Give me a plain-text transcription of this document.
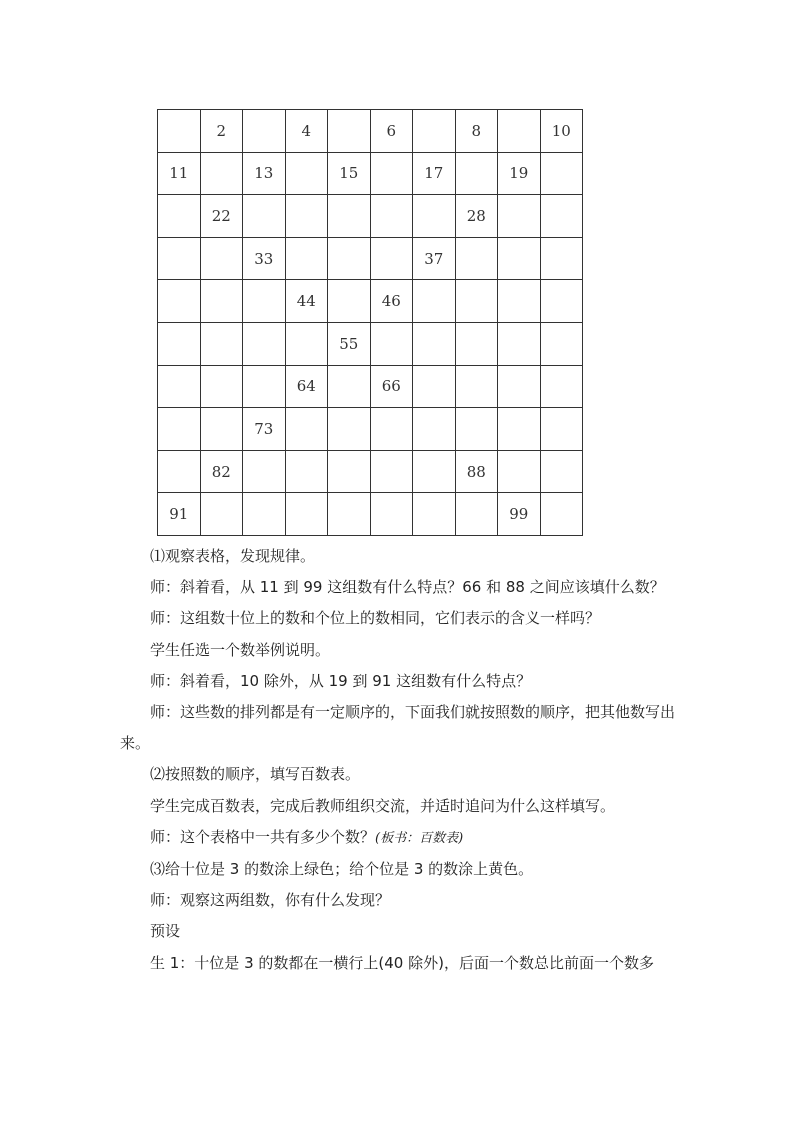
	2		4		6		8		10
11		13		15		17		19	
	22						28		
		33				37			
			44		46				
				55					
			64		66				
		73							
	82						88		
91								99	

⑴观察表格，发现规律。

师：斜着看，从 11 到 99 这组数有什么特点？66 和 88 之间应该填什么数？

师：这组数十位上的数和个位上的数相同，它们表示的含义一样吗？

学生任选一个数举例说明。

师：斜着看，10 除外，从 19 到 91 这组数有什么特点？

师：这些数的排列都是有一定顺序的，下面我们就按照数的顺序，把其他数写出来。

⑵按照数的顺序，填写百数表。

学生完成百数表，完成后教师组织交流，并适时追问为什么这样填写。

师：这个表格中一共有多少个数？(板书：百数表)

⑶给十位是 3 的数涂上绿色；给个位是 3 的数涂上黄色。

师：观察这两组数，你有什么发现？

预设

生 1：十位是 3 的数都在一横行上(40 除外)，后面一个数总比前面一个数多
